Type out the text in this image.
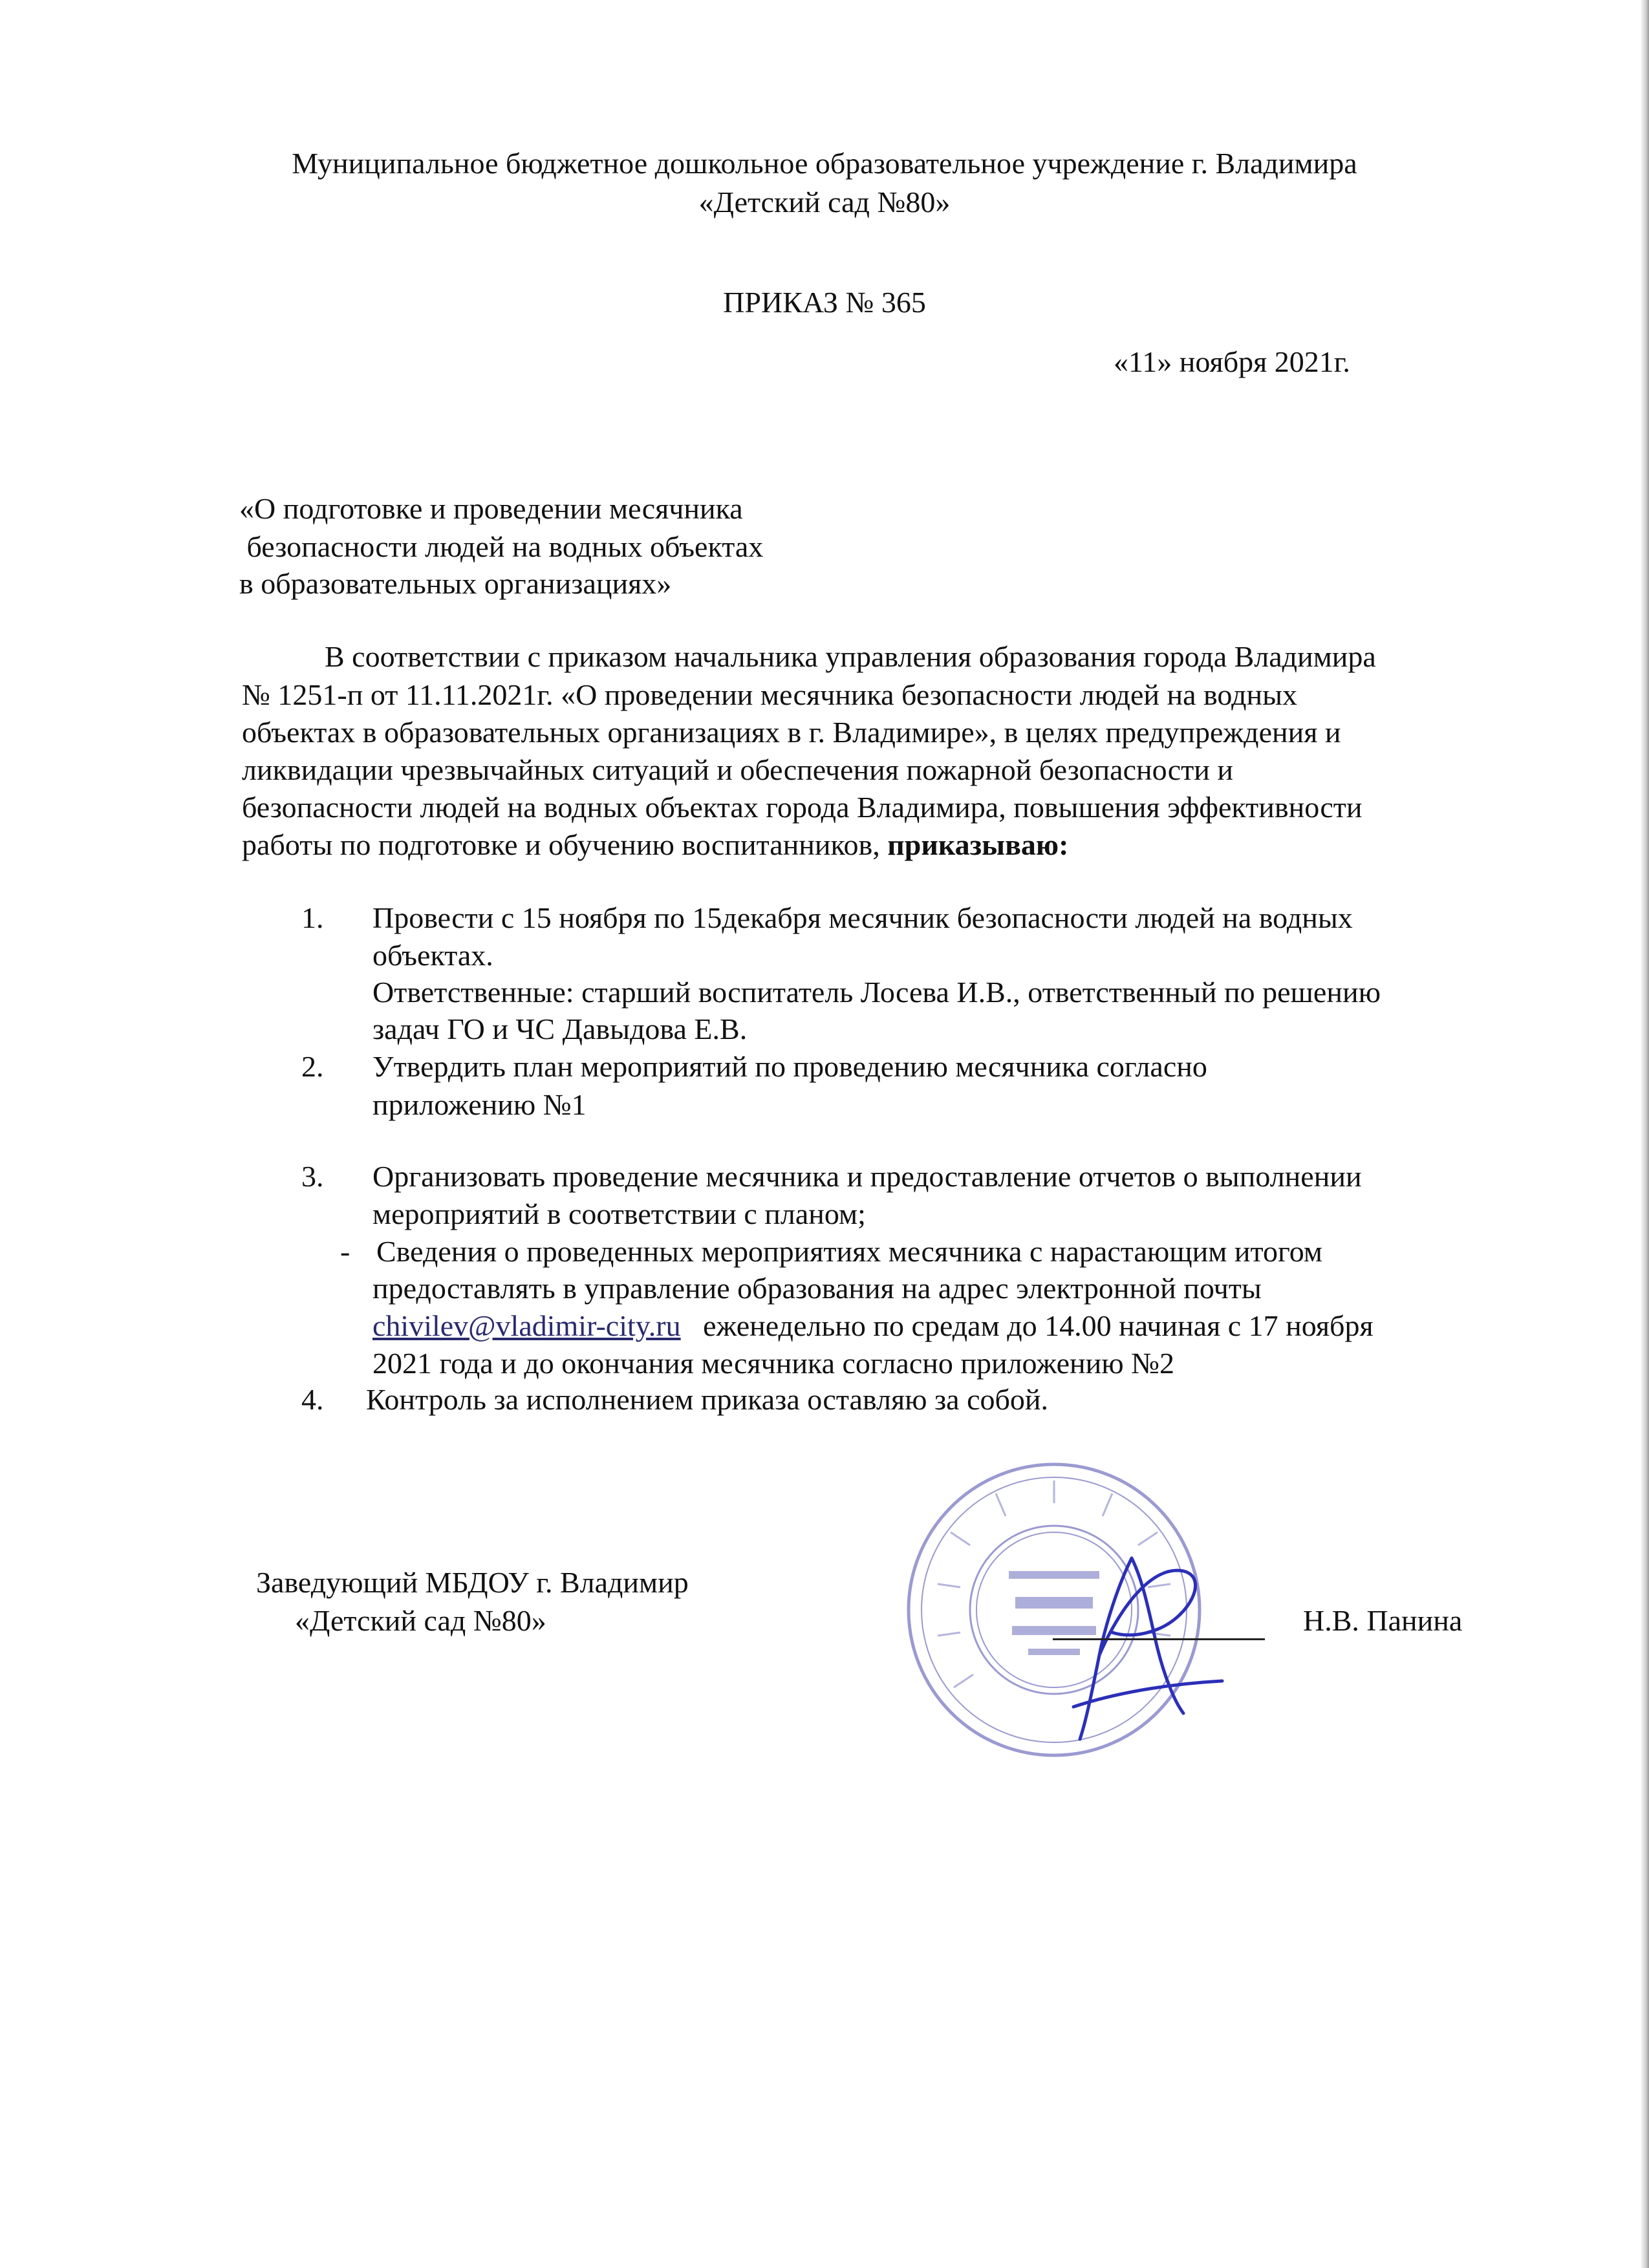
Муниципальное бюджетное дошкольное образовательное учреждение г. Владимира
«Детский сад №80»
ПРИКАЗ № 365
«11» ноября 2021г.
«О подготовке и проведении месячника
безопасности людей на водных объектах
в образовательных организациях»
В соответствии с приказом начальника управления образования города Владимира
№ 1251-п от 11.11.2021г. «О проведении месячника безопасности людей на водных
объектах в образовательных организациях в г. Владимире», в целях предупреждения и
ликвидации чрезвычайных ситуаций и обеспечения пожарной безопасности и
безопасности людей на водных объектах города Владимира, повышения эффективности
работы по подготовке и обучению воспитанников, приказываю:
1. Провести с 15 ноября по 15декабря месячник безопасности людей на водных
объектах.
Ответственные: старший воспитатель Лосева И.В., ответственный по решению
задач ГО и ЧС Давыдова Е.В.
2. Утвердить план мероприятий по проведению месячника согласно
приложению №1
3. Организовать проведение месячника и предоставление отчетов о выполнении
мероприятий в соответствии с планом;
- Сведения о проведенных мероприятиях месячника с нарастающим итогом
предоставлять в управление образования на адрес электронной почты
chivilev@vladimir-city.ru   еженедельно по средам до 14.00 начиная с 17 ноября
2021 года и до окончания месячника согласно приложению №2
4. Контроль за исполнением приказа оставляю за собой.
Заведующий МБДОУ г. Владимир
«Детский сад №80»	Н.В. Панина
